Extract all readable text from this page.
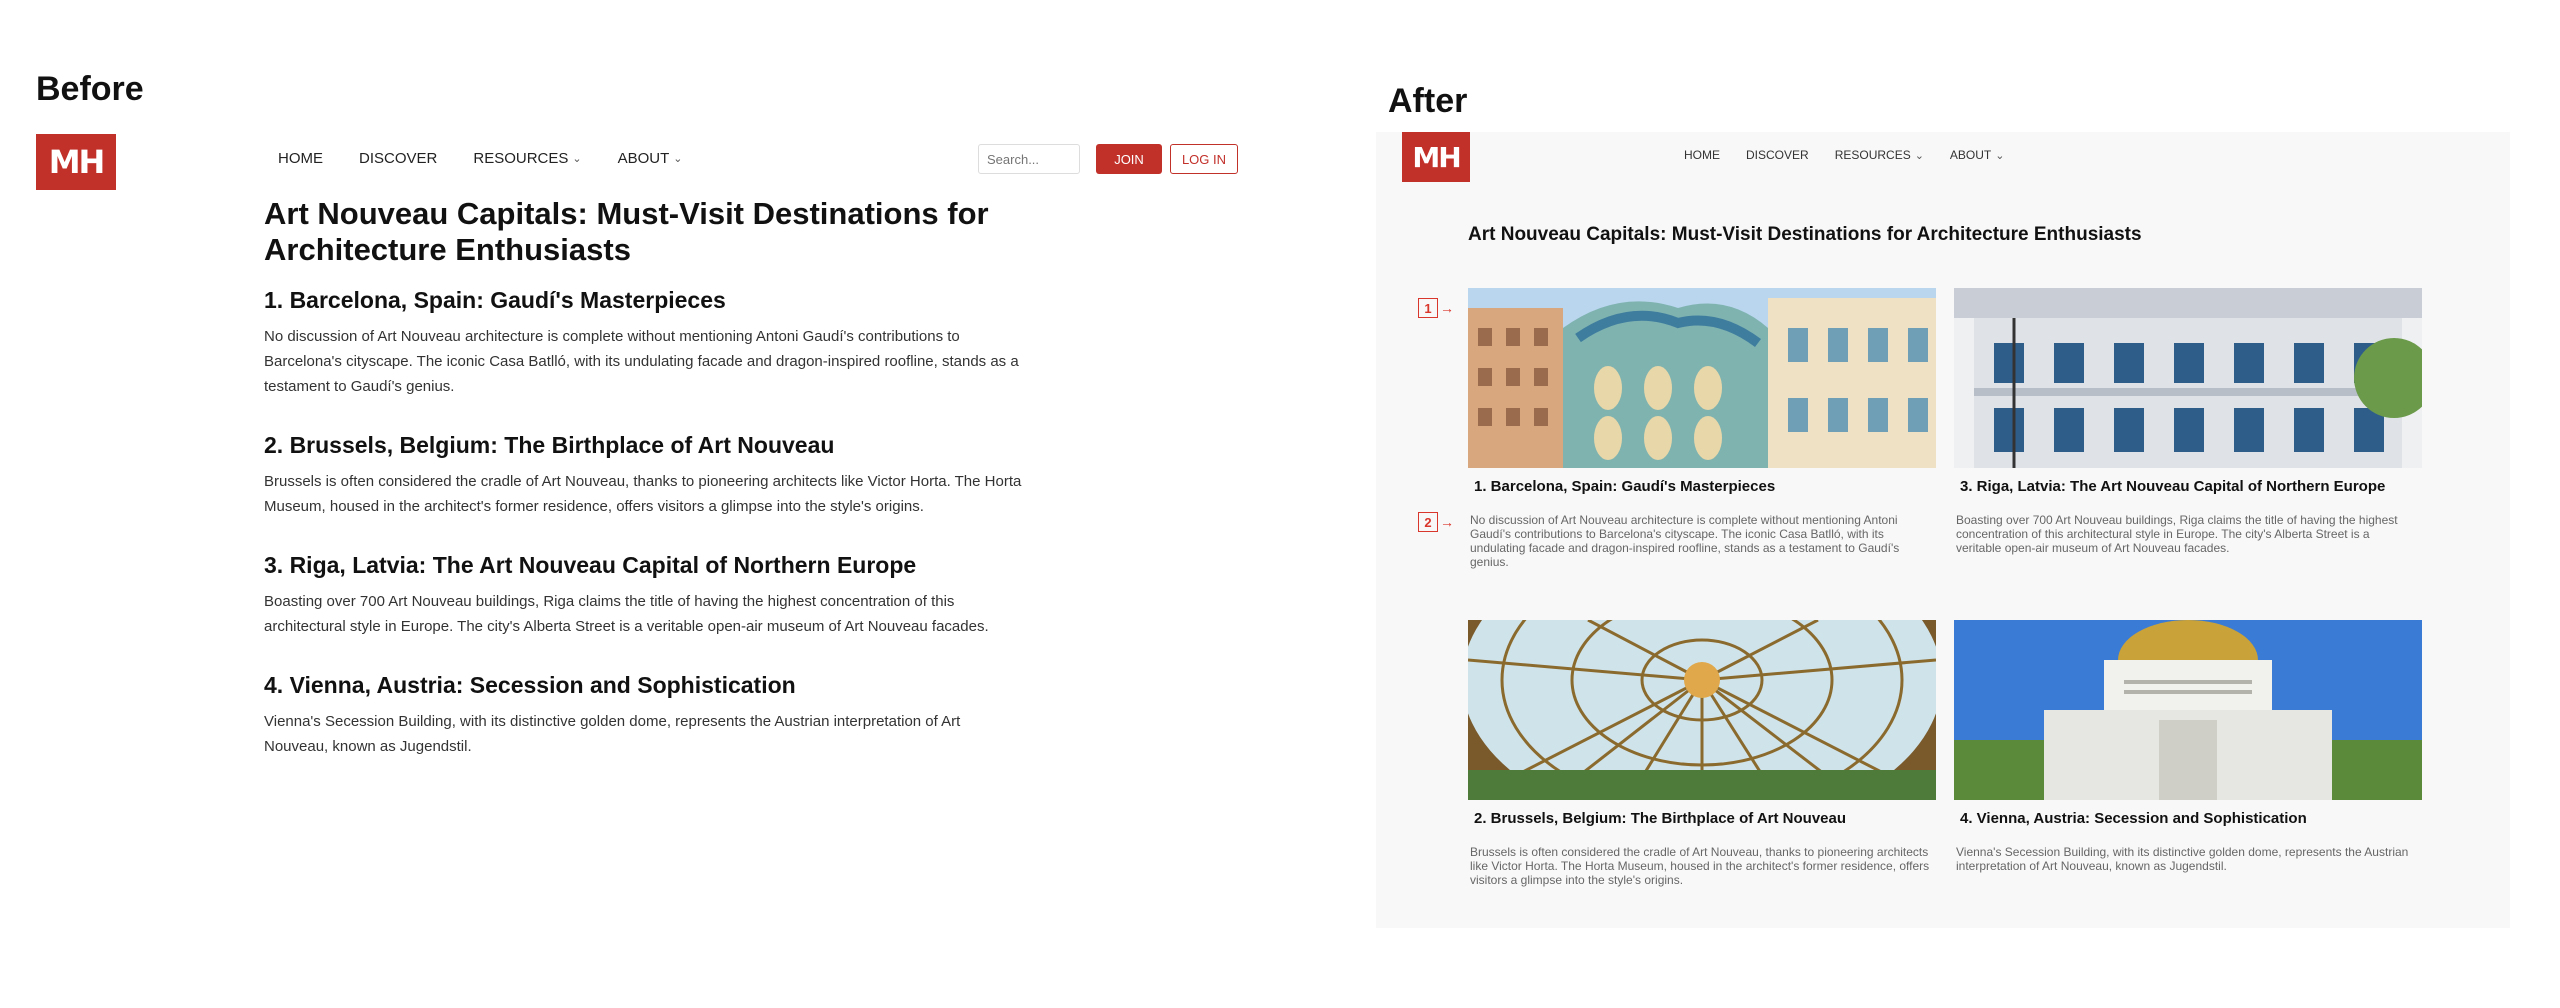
Before	After
MH	HOME DISCOVER RESOURCES ⌄ ABOUT ⌄
Search...	JOIN	LOG IN
Art Nouveau Capitals: Must-Visit Destinations for Architecture Enthusiasts
1. Barcelona, Spain: Gaudí's Masterpieces

No discussion of Art Nouveau architecture is complete without mentioning Antoni Gaudí's contributions to Barcelona's cityscape. The iconic Casa Batlló, with its undulating facade and dragon-inspired roofline, stands as a testament to Gaudí's genius.

2. Brussels, Belgium: The Birthplace of Art Nouveau

Brussels is often considered the cradle of Art Nouveau, thanks to pioneering architects like Victor Horta. The Horta Museum, housed in the architect's former residence, offers visitors a glimpse into the style's origins.

3. Riga, Latvia: The Art Nouveau Capital of Northern Europe

Boasting over 700 Art Nouveau buildings, Riga claims the title of having the highest concentration of this architectural style in Europe. The city's Alberta Street is a veritable open-air museum of Art Nouveau facades.

4. Vienna, Austria: Secession and Sophistication

Vienna's Secession Building, with its distinctive golden dome, represents the Austrian interpretation of Art Nouveau, known as Jugendstil.

MH	HOME DISCOVER RESOURCES ⌄ ABOUT ⌄
Art Nouveau Capitals: Must-Visit Destinations for Architecture Enthusiasts
1. Barcelona, Spain: Gaudí's Masterpieces

No discussion of Art Nouveau architecture is complete without mentioning Antoni Gaudí's contributions to Barcelona's cityscape. The iconic Casa Batlló, with its undulating facade and dragon-inspired roofline, stands as a testament to Gaudí's genius.

3. Riga, Latvia: The Art Nouveau Capital of Northern Europe

Boasting over 700 Art Nouveau buildings, Riga claims the title of having the highest concentration of this architectural style in Europe. The city's Alberta Street is a veritable open-air museum of Art Nouveau facades.

2. Brussels, Belgium: The Birthplace of Art Nouveau

Brussels is often considered the cradle of Art Nouveau, thanks to pioneering architects like Victor Horta. The Horta Museum, housed in the architect's former residence, offers visitors a glimpse into the style's origins.

4. Vienna, Austria: Secession and Sophistication

Vienna's Secession Building, with its distinctive golden dome, represents the Austrian interpretation of Art Nouveau, known as Jugendstil.

1 →
2 →
